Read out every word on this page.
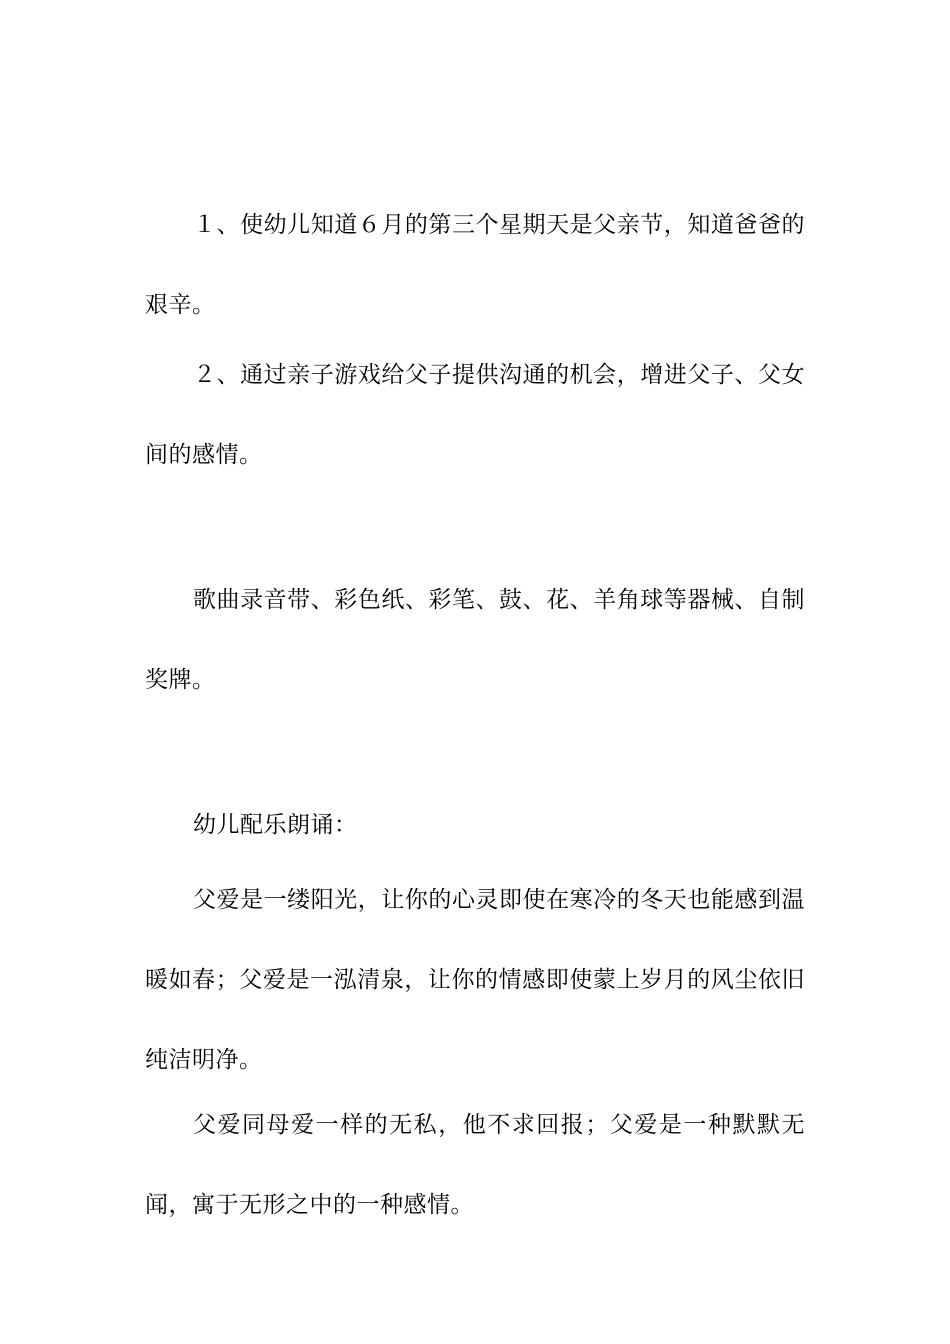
１、使幼儿知道６月的第三个星期天是父亲节，知道爸爸的艰辛。

２、通过亲子游戏给父子提供沟通的机会，增进父子、父女间的感情。

歌曲录音带、彩色纸、彩笔、鼓、花、羊角球等器械、自制奖牌。

幼儿配乐朗诵：

父爱是一缕阳光，让你的心灵即使在寒冷的冬天也能感到温暖如春；父爱是一泓清泉，让你的情感即使蒙上岁月的风尘依旧纯洁明净。

父爱同母爱一样的无私，他不求回报；父爱是一种默默无闻，寓于无形之中的一种感情。
